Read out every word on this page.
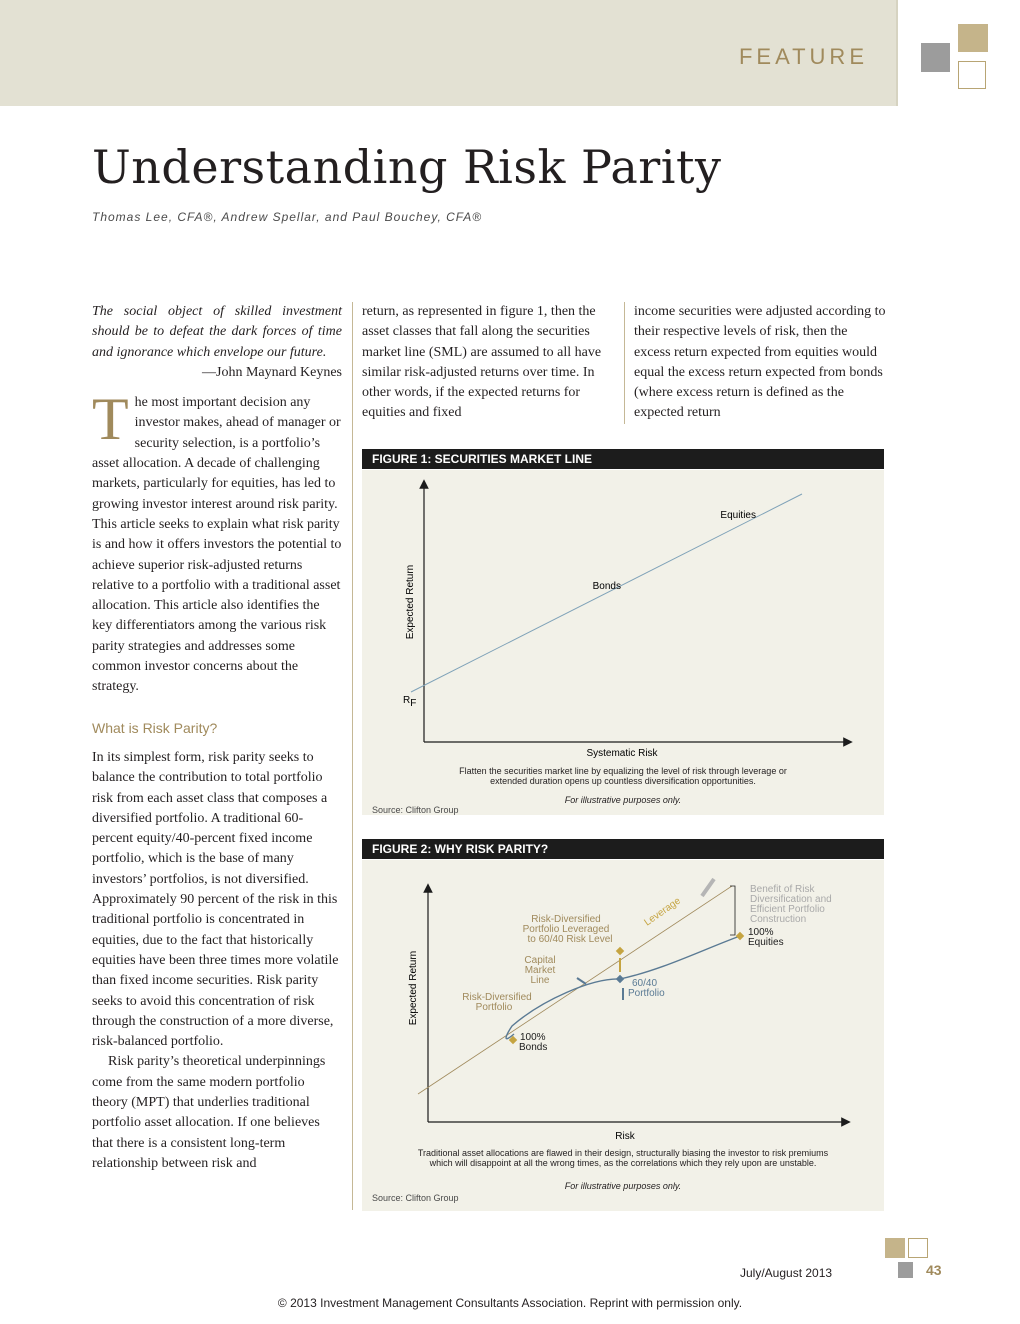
FEATURE
Understanding Risk Parity
Thomas Lee, CFA®, Andrew Spellar, and Paul Bouchey, CFA®

The social object of skilled investment should be to defeat the dark forces of time and ignorance which envelope our future.

—John Maynard Keynes

The most important decision any investor makes, ahead of manager or security selection, is a portfolio’s asset allocation. A decade of challenging markets, particularly for equities, has led to growing investor interest around risk parity. This article seeks to explain what risk parity is and how it offers investors the potential to achieve superior risk-adjusted returns relative to a portfolio with a traditional asset allocation. This article also identifies the key differentiators among the various risk parity strategies and addresses some common investor concerns about the strategy.

What is Risk Parity?

In its simplest form, risk parity seeks to balance the contribution to total portfolio risk from each asset class that composes a diversified portfolio. A traditional 60-percent equity/40-percent fixed income portfolio, which is the base of many investors’ portfolios, is not diversified. Approximately 90 percent of the risk in this traditional portfolio is concentrated in equities, due to the fact that historically equities have been three times more volatile than fixed income securities. Risk parity seeks to avoid this concentration of risk through the construction of a more diverse, risk-balanced portfolio.

Risk parity’s theoretical underpinnings come from the same modern portfolio theory (MPT) that underlies traditional portfolio asset allocation. If one believes that there is a consistent long-term relationship between risk and

return, as represented in figure 1, then the asset classes that fall along the securities market line (SML) are assumed to all have similar risk-adjusted returns over time. In other words, if the expected returns for equities and fixed

income securities were adjusted according to their respective levels of risk, then the excess return expected from equities would equal the excess return expected from bonds (where excess return is defined as the expected return

FIGURE 1: SECURITIES MARKET LINE
Expected Return
Systematic Risk
Equities
Bonds
RF
Flatten the securities market line by equalizing the level of risk through leverage or
extended duration opens up countless diversification opportunities.
For illustrative purposes only.
Source: Clifton Group
FIGURE 2: WHY RISK PARITY?
Expected Return
Risk
Benefit of Risk
Diversification and
Efficient Portfolio
Construction
Leverage
Risk-Diversified
Portfolio Leveraged
to 60/40 Risk Level
100%
Equities
Capital
Market
Line	60/40
Portfolio
Risk-Diversified
Portfolio
100%
Bonds
Traditional asset allocations are flawed in their design, structurally biasing the investor to risk premiums
which will disappoint at all the wrong times, as the correlations which they rely upon are unstable.
For illustrative purposes only.
Source: Clifton Group
July/August 2013	43
© 2013 Investment Management Consultants Association. Reprint with permission only.
